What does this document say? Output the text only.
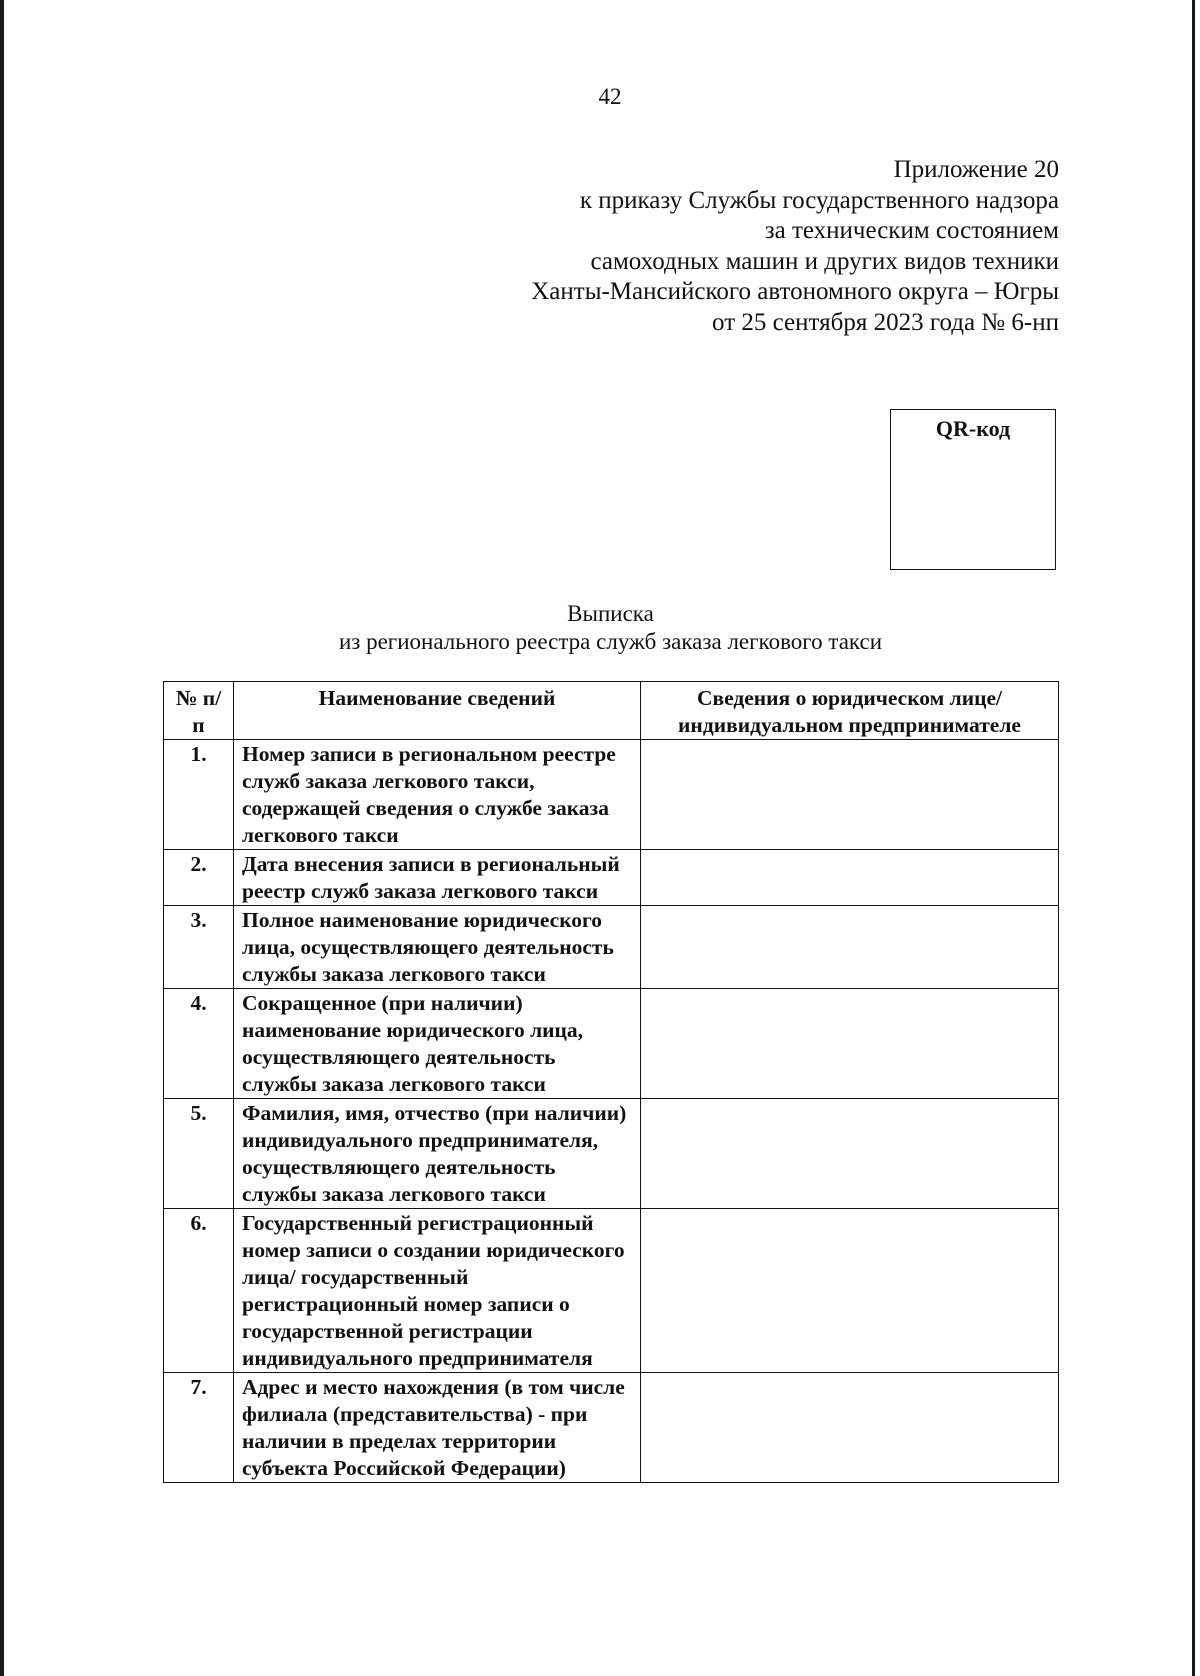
42
Приложение 20
к приказу Службы государственного надзора
за техническим состоянием
самоходных машин и других видов техники
Ханты-Мансийского автономного округа – Югры
от 25 сентября 2023 года № 6-нп
QR-код
Выписка
из регионального реестра служб заказа легкового такси
№ п/п	Наименование сведений	Сведения о юридическом лице/ индивидуальном предпринимателе
1.	Номер записи в региональном реестре служб заказа легкового такси, содержащей сведения о службе заказа легкового такси	
2.	Дата внесения записи в региональный реестр служб заказа легкового такси	
3.	Полное наименование юридического лица, осуществляющего деятельность службы заказа легкового такси	
4.	Сокращенное (при наличии) наименование юридического лица, осуществляющего деятельность службы заказа легкового такси	
5.	Фамилия, имя, отчество (при наличии) индивидуального предпринимателя, осуществляющего деятельность службы заказа легкового такси	
6.	Государственный регистрационный номер записи о создании юридического лица/ государственный регистрационный номер записи о государственной регистрации индивидуального предпринимателя	
7.	Адрес и место нахождения (в том числе филиала (представительства) - при наличии в пределах территории субъекта Российской Федерации)	
